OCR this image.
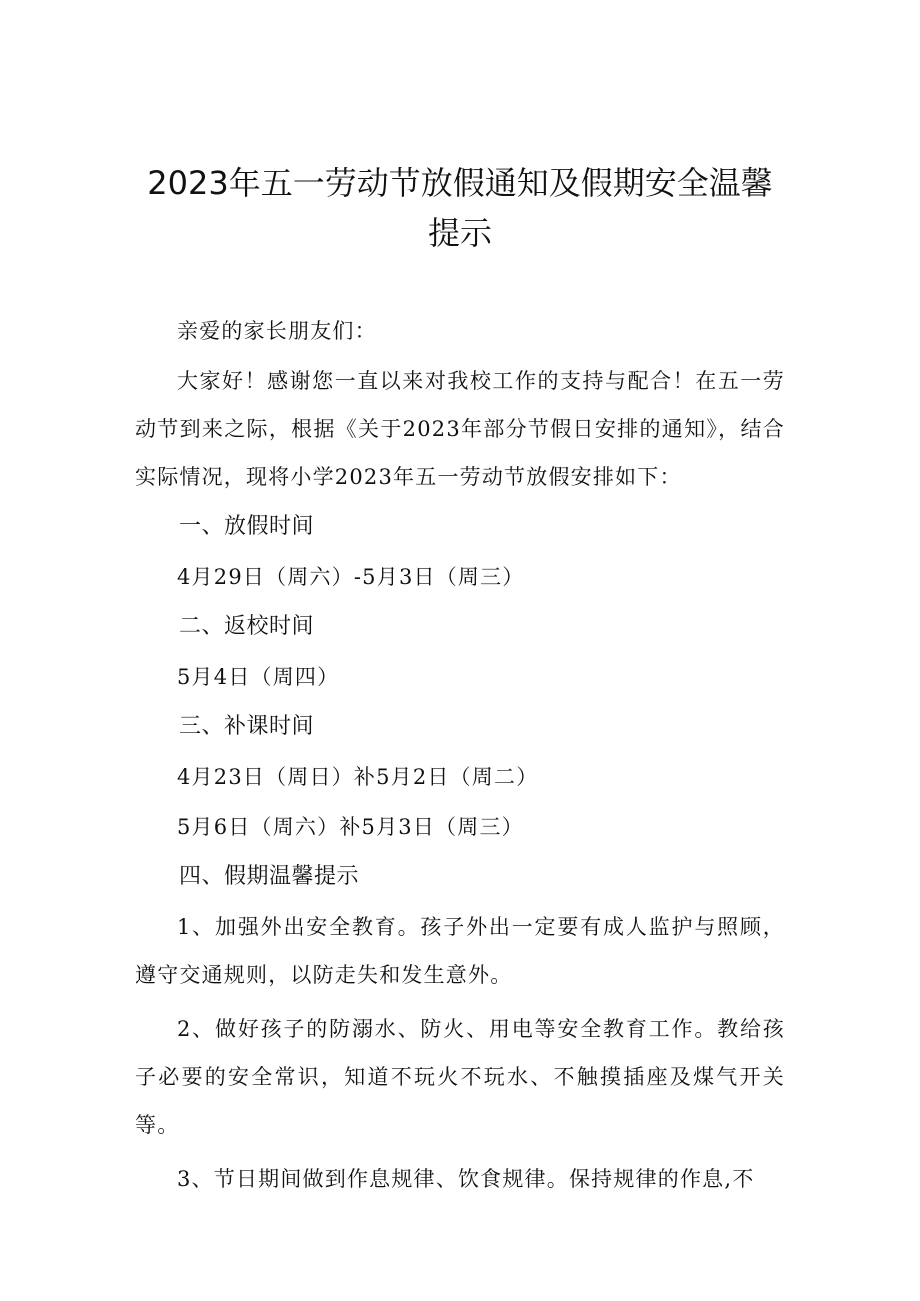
2023年五一劳动节放假通知及假期安全温馨提示

亲爱的家长朋友们：

大家好！感谢您一直以来对我校工作的支持与配合！在五一劳动节到来之际，根据《关于2023年部分节假日安排的通知》，结合实际情况，现将小学2023年五一劳动节放假安排如下：

一、放假时间

4月29日（周六）-5月3日（周三）

二、返校时间

5月4日（周四）

三、补课时间

4月23日（周日）补5月2日（周二）

5月6日（周六）补5月3日（周三）

四、假期温馨提示

1、加强外出安全教育。孩子外出一定要有成人监护与照顾，遵守交通规则，以防走失和发生意外。

2、做好孩子的防溺水、防火、用电等安全教育工作。教给孩子必要的安全常识，知道不玩火不玩水、不触摸插座及煤气开关等。

3、节日期间做到作息规律、饮食规律。保持规律的作息,不
